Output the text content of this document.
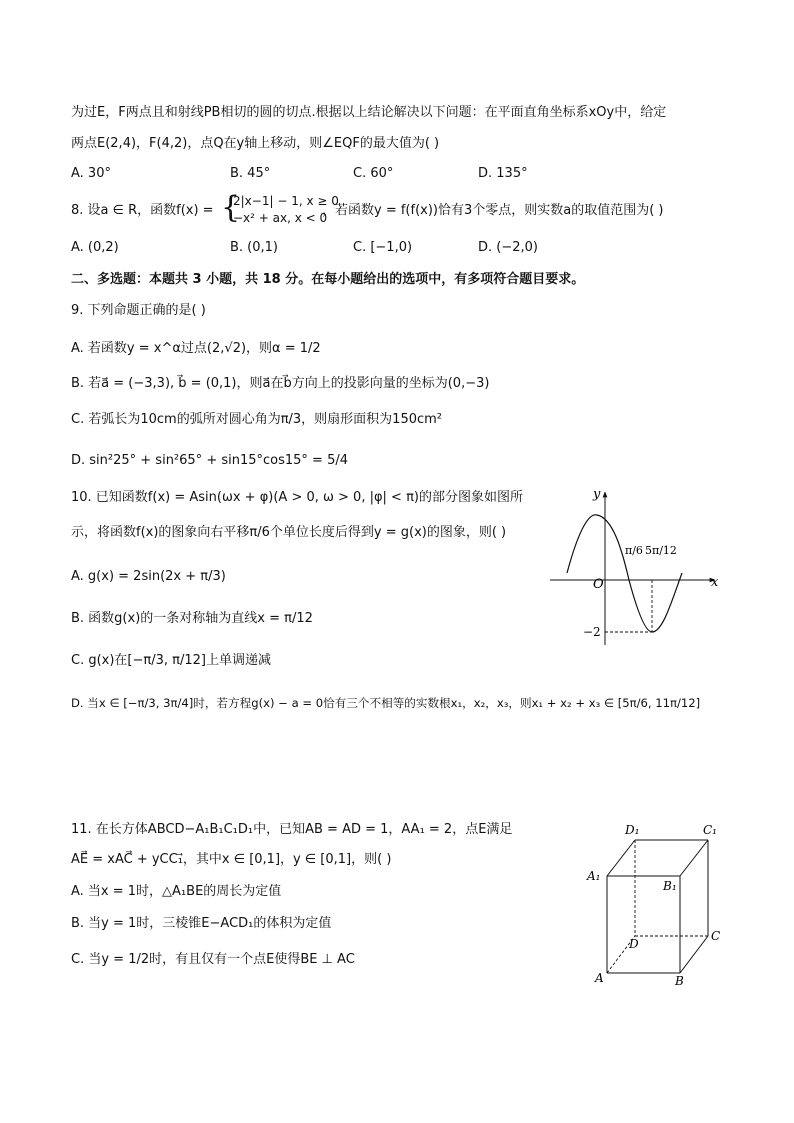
为过E，F两点且和射线PB相切的圆的切点.根据以上结论解决以下问题：在平面直角坐标系xOy中，给定
两点E(2,4)，F(4,2)，点Q在y轴上移动，则∠EQF的最大值为( )
A. 30°	B. 45°	C. 60°	D. 135°
8. 设a ∈ R，函数f(x) = {
2|x−1| − 1, x ≥ 0
−x² + ax, x < 0
，若函数y = f(f(x))恰有3个零点，则实数a的取值范围为( )
A. (0,2)	B. (0,1)	C. [−1,0)	D. (−2,0)
二、多选题：本题共 3 小题，共 18 分。在每小题给出的选项中，有多项符合题目要求。
9. 下列命题正确的是( )
A. 若函数y = x^α过点(2,√2)，则α = 1/2
B. 若a⃗ = (−3,3), b⃗ = (0,1)，则a⃗在b⃗方向上的投影向量的坐标为(0,−3)
C. 若弧长为10cm的弧所对圆心角为π/3，则扇形面积为150cm²
D. sin²25° + sin²65° + sin15°cos15° = 5/4
10. 已知函数f(x) = Asin(ωx + φ)(A > 0, ω > 0, |φ| < π)的部分图象如图所
示，将函数f(x)的图象向右平移π/6个单位长度后得到y = g(x)的图象，则( )
A. g(x) = 2sin(2x + π/3)
B. 函数g(x)的一条对称轴为直线x = π/12
C. g(x)在[−π/3, π/12]上单调递减
D. 当x ∈ [−π/3, 3π/4]时，若方程g(x) − a = 0恰有三个不相等的实数根x₁，x₂，x₃，则x₁ + x₂ + x₃ ∈ [5π/6, 11π/12]
y
x
O
π/6 5π/12
−2
11. 在长方体ABCD−A₁B₁C₁D₁中，已知AB = AD = 1，AA₁ = 2，点E满足
AE⃗ = xAC⃗ + yCC₁⃗，其中x ∈ [0,1]，y ∈ [0,1]，则( )
A. 当x = 1时，△A₁BE的周长为定值
B. 当y = 1时，三棱锥E−ACD₁的体积为定值
C. 当y = 1/2时，有且仅有一个点E使得BE ⊥ AC
A	B
C
D
A₁
B₁
C₁
D₁
